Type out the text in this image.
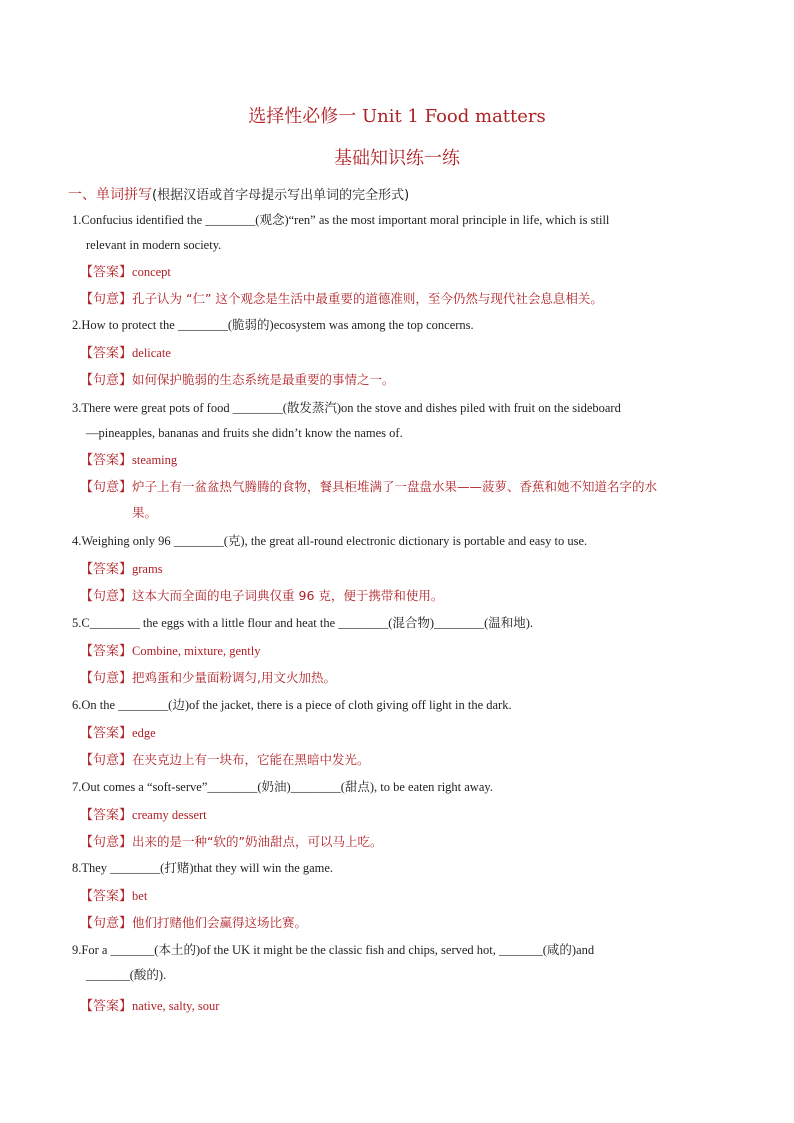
选择性必修一 Unit 1 Food matters
基础知识练一练
一、单词拼写(根据汉语或首字母提示写出单词的完全形式)
1.Confucius identified the ________(观念)“ren” as the most important moral principle in life, which is still
relevant in modern society.
【答案】concept
【句意】孔子认为 “仁” 这个观念是生活中最重要的道德准则，至今仍然与现代社会息息相关。
2.How to protect the ________(脆弱的)ecosystem was among the top concerns.
【答案】delicate
【句意】如何保护脆弱的生态系统是最重要的事情之一。
3.There were great pots of food ________(散发蒸汽)on the stove and dishes piled with fruit on the sideboard
—pineapples, bananas and fruits she didn’t know the names of.
【答案】steaming
【句意】炉子上有一盆盆热气腾腾的食物，餐具柜堆满了一盘盘水果——菠萝、香蕉和她不知道名字的水
果。
4.Weighing only 96 ________(克), the great all-round electronic dictionary is portable and easy to use.
【答案】grams
【句意】这本大而全面的电子词典仅重 96 克，便于携带和使用。
5.C________ the eggs with a little flour and heat the ________(混合物)________(温和地).
【答案】Combine, mixture, gently
【句意】把鸡蛋和少量面粉调匀,用文火加热。
6.On the ________(边)of the jacket, there is a piece of cloth giving off light in the dark.
【答案】edge
【句意】在夹克边上有一块布，它能在黑暗中发光。
7.Out comes a “soft-serve”________(奶油)________(甜点), to be eaten right away.
【答案】creamy dessert
【句意】出来的是一种“软的”奶油甜点，可以马上吃。
8.They ________(打赌)that they will win the game.
【答案】bet
【句意】他们打赌他们会赢得这场比赛。
9.For a _______(本土的)of the UK it might be the classic fish and chips, served hot, _______(咸的)and
_______(酸的).
【答案】native, salty, sour
